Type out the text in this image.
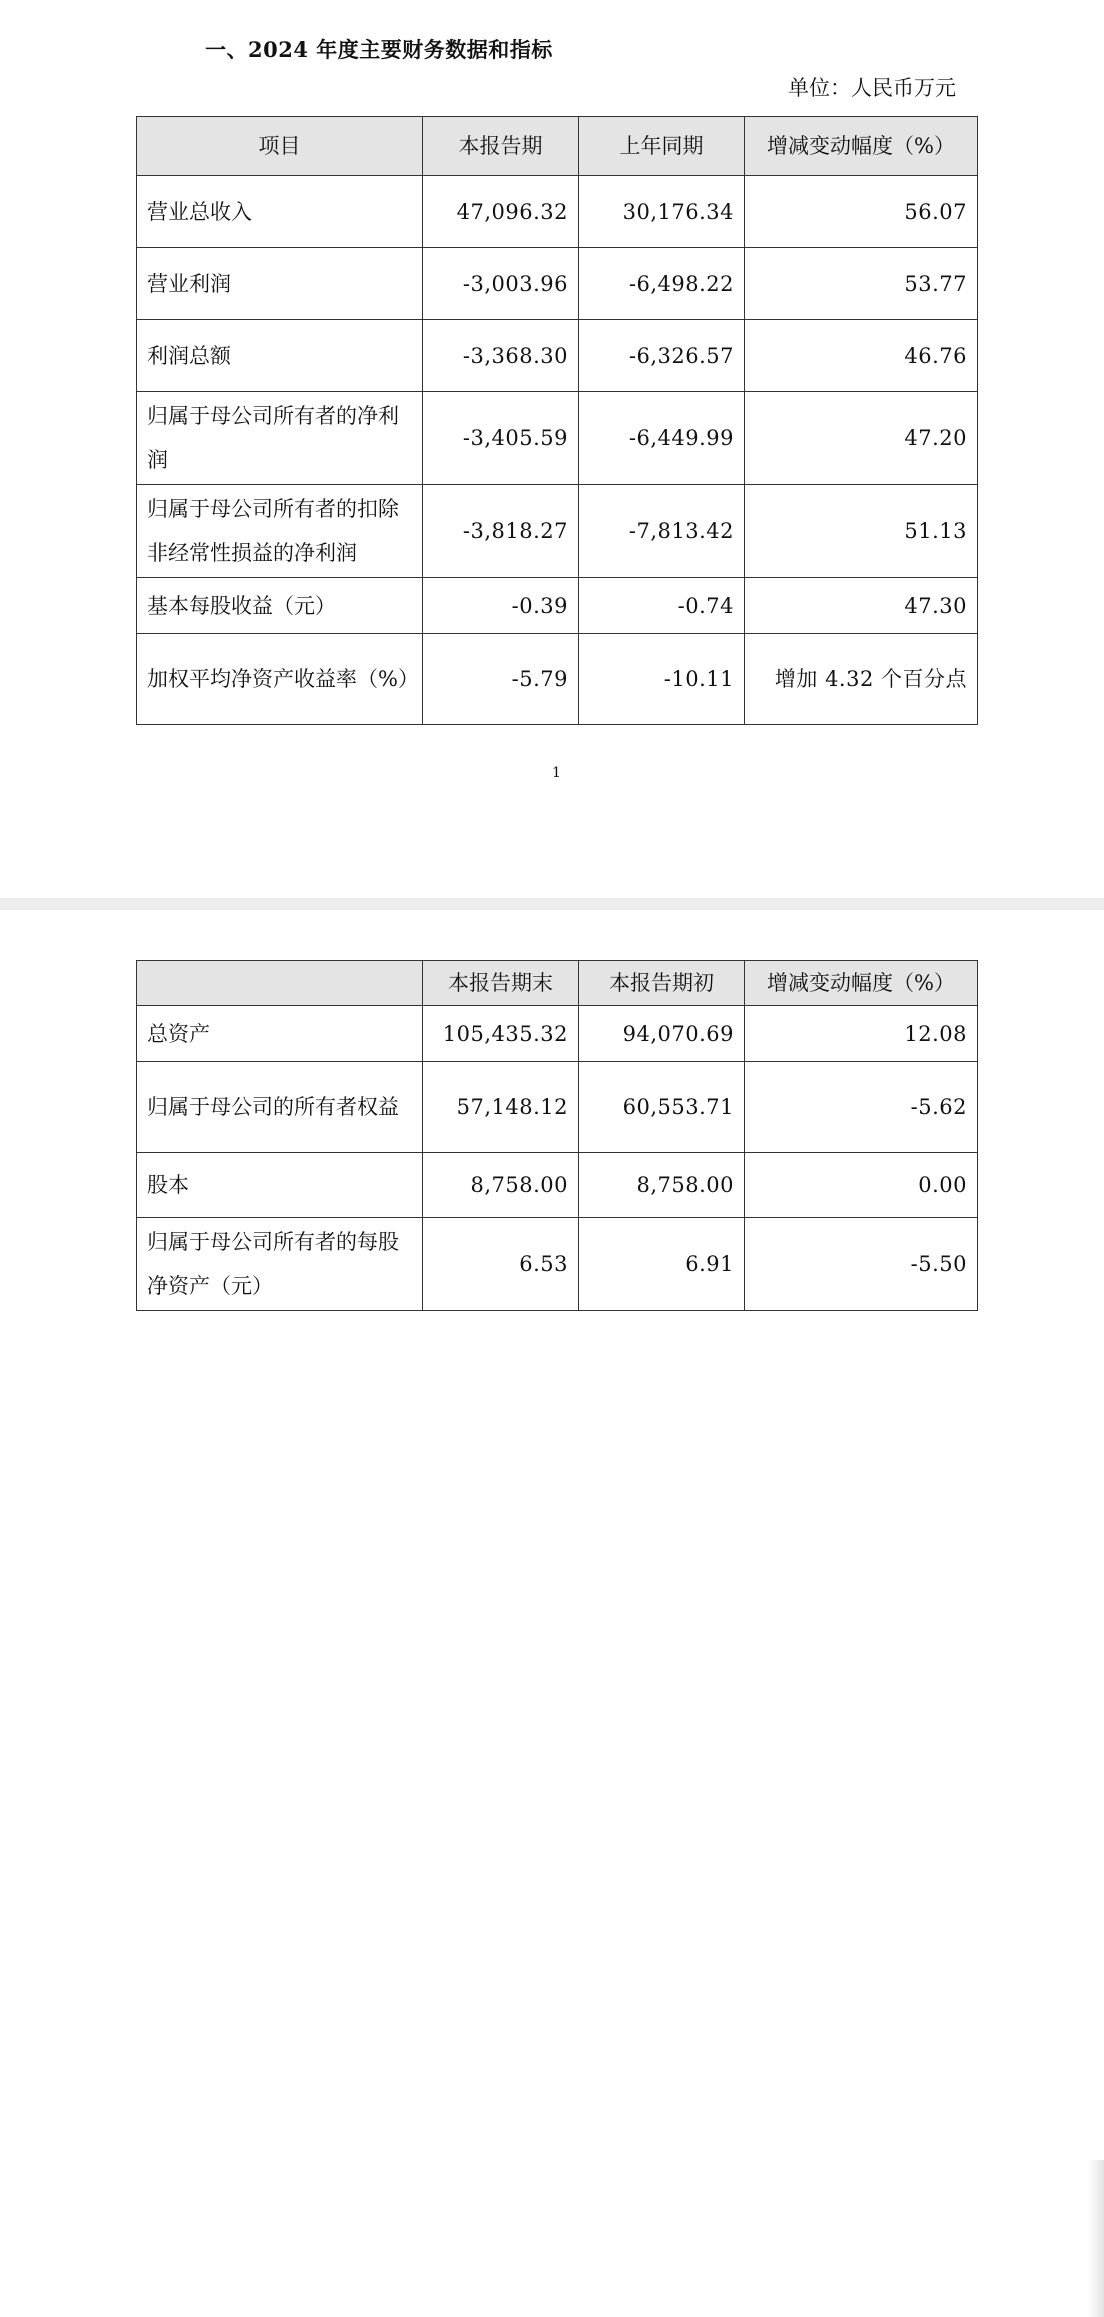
一、2024 年度主要财务数据和指标
单位：人民币万元
项目	本报告期	上年同期	增减变动幅度（%）
营业总收入	47,096.32	30,176.34	56.07
营业利润	-3,003.96	-6,498.22	53.77
利润总额	-3,368.30	-6,326.57	46.76
归属于母公司所有者的净利润	-3,405.59	-6,449.99	47.20
归属于母公司所有者的扣除非经常性损益的净利润	-3,818.27	-7,813.42	51.13
基本每股收益（元）	-0.39	-0.74	47.30
加权平均净资产收益率（%）	-5.79	-10.11	增加 4.32 个百分点
1
	本报告期末	本报告期初	增减变动幅度（%）
总资产	105,435.32	94,070.69	12.08
归属于母公司的所有者权益	57,148.12	60,553.71	-5.62
股本	8,758.00	8,758.00	0.00
归属于母公司所有者的每股净资产（元）	6.53	6.91	-5.50
